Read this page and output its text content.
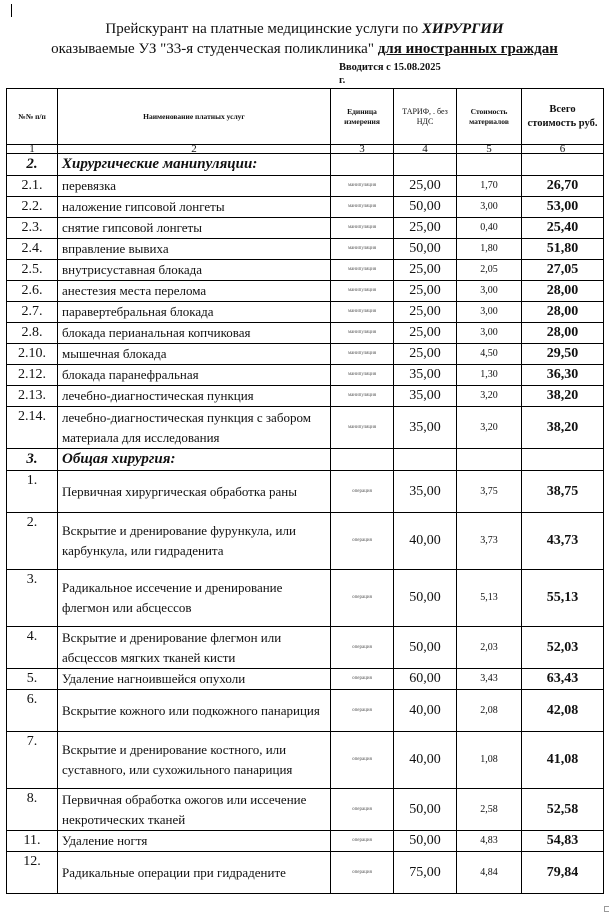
Прейскурант на платные медицинские услуги по ХИРУРГИИ
оказываемые УЗ "33-я студенческая поликлиника" для иностранных граждан
Вводится с 15.08.2025 г.
№№ п/п	Наименование платных услуг	Единица измерения	ТАРИФ, . без НДС	Стоимость материалов	Всего стоимость руб.
1	2	3	4	5	6
2.	Хирургические манипуляции:				
2.1.	перевязка	манипуляция	25,00	1,70	26,70
2.2.	наложение гипсовой лонгеты	манипуляция	50,00	3,00	53,00
2.3.	снятие гипсовой лонгеты	манипуляция	25,00	0,40	25,40
2.4.	вправление вывиха	манипуляция	50,00	1,80	51,80
2.5.	внутрисуставная блокада	манипуляция	25,00	2,05	27,05
2.6.	анестезия места перелома	манипуляция	25,00	3,00	28,00
2.7.	паравертебральная блокада	манипуляция	25,00	3,00	28,00
2.8.	блокада перианальная копчиковая	манипуляция	25,00	3,00	28,00
2.10.	мышечная блокада	манипуляция	25,00	4,50	29,50
2.12.	блокада паранефральная	манипуляция	35,00	1,30	36,30
2.13.	лечебно-диагностическая пункция	манипуляция	35,00	3,20	38,20
2.14.	лечебно-диагностическая пункция с забором материала для исследования	манипуляция	35,00	3,20	38,20
3.	Общая хирургия:				
1.	Первичная хирургическая обработка раны	операция	35,00	3,75	38,75
2.	Вскрытие и дренирование фурункула, или карбункула, или гидраденита	операция	40,00	3,73	43,73
3.	Радикальное иссечение и дренирование флегмон или абсцессов	операция	50,00	5,13	55,13
4.	Вскрытие и дренирование флегмон или абсцессов мягких тканей кисти	операция	50,00	2,03	52,03
5.	Удаление нагноившейся опухоли	операция	60,00	3,43	63,43
6.	Вскрытие кожного или подкожного панариция	операция	40,00	2,08	42,08
7.	Вскрытие и дренирование костного, или суставного, или сухожильного панариция	операция	40,00	1,08	41,08
8.	Первичная обработка ожогов или иссечение некротических тканей	операция	50,00	2,58	52,58
11.	Удаление ногтя	операция	50,00	4,83	54,83
12.	Радикальные операции при гидрадените	операция	75,00	4,84	79,84
